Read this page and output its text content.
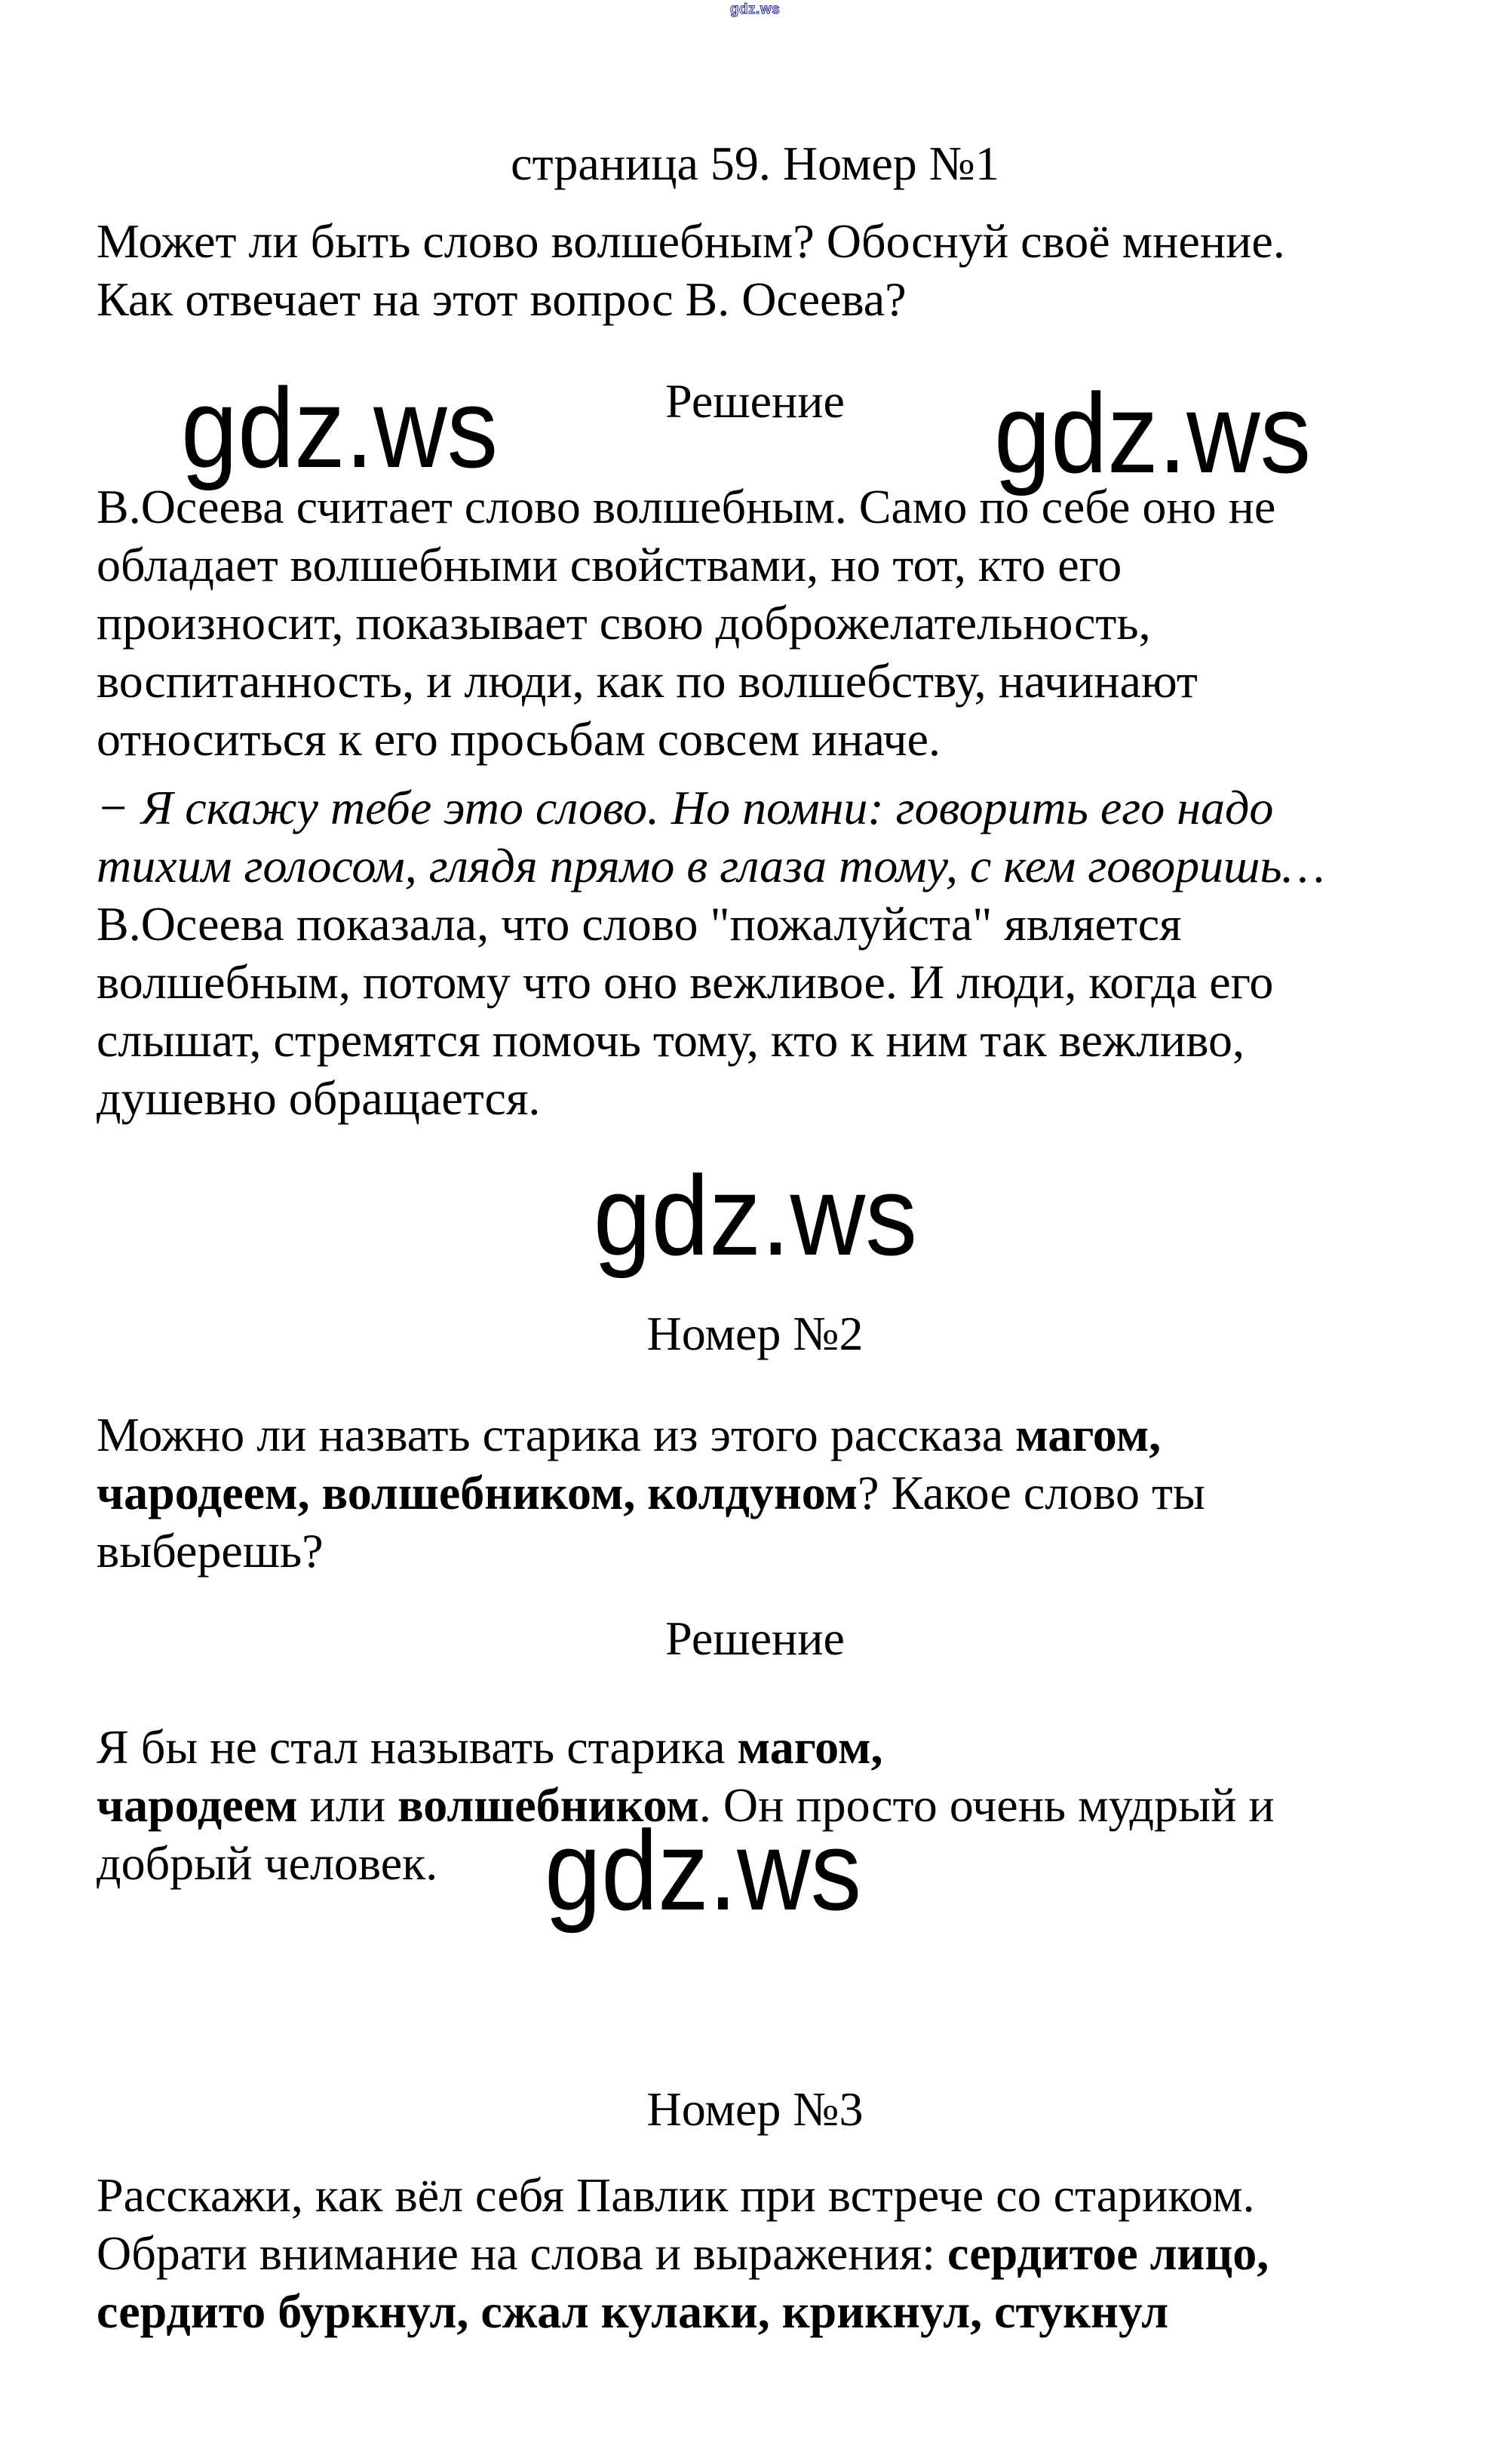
gdz.ws
страница 59. Номер №1
Может ли быть слово волшебным? Обоснуй своё мнение.
Как отвечает на этот вопрос В. Осеева?
Решение
gdz.ws	gdz.ws
В.Осеева считает слово волшебным. Само по себе оно не
обладает волшебными свойствами, но тот, кто его
произносит, показывает свою доброжелательность,
воспитанность, и люди, как по волшебству, начинают
относиться к его просьбам совсем иначе.
− Я скажу тебе это слово. Но помни: говорить его надо
тихим голосом, глядя прямо в глаза тому, с кем говоришь…
В.Осеева показала, что слово "пожалуйста" является
волшебным, потому что оно вежливое. И люди, когда его
слышат, стремятся помочь тому, кто к ним так вежливо,
душевно обращается.
gdz.ws
Номер №2
Можно ли назвать старика из этого рассказа магом,
чародеем, волшебником, колдуном? Какое слово ты
выберешь?
Решение
Я бы не стал называть старика магом,
чародеем или волшебником. Он просто очень мудрый и
добрый человек. gdz.ws
Номер №3
Расскажи, как вёл себя Павлик при встрече со стариком.
Обрати внимание на слова и выражения: сердитое лицо,
сердито буркнул, сжал кулаки, крикнул, стукнул
